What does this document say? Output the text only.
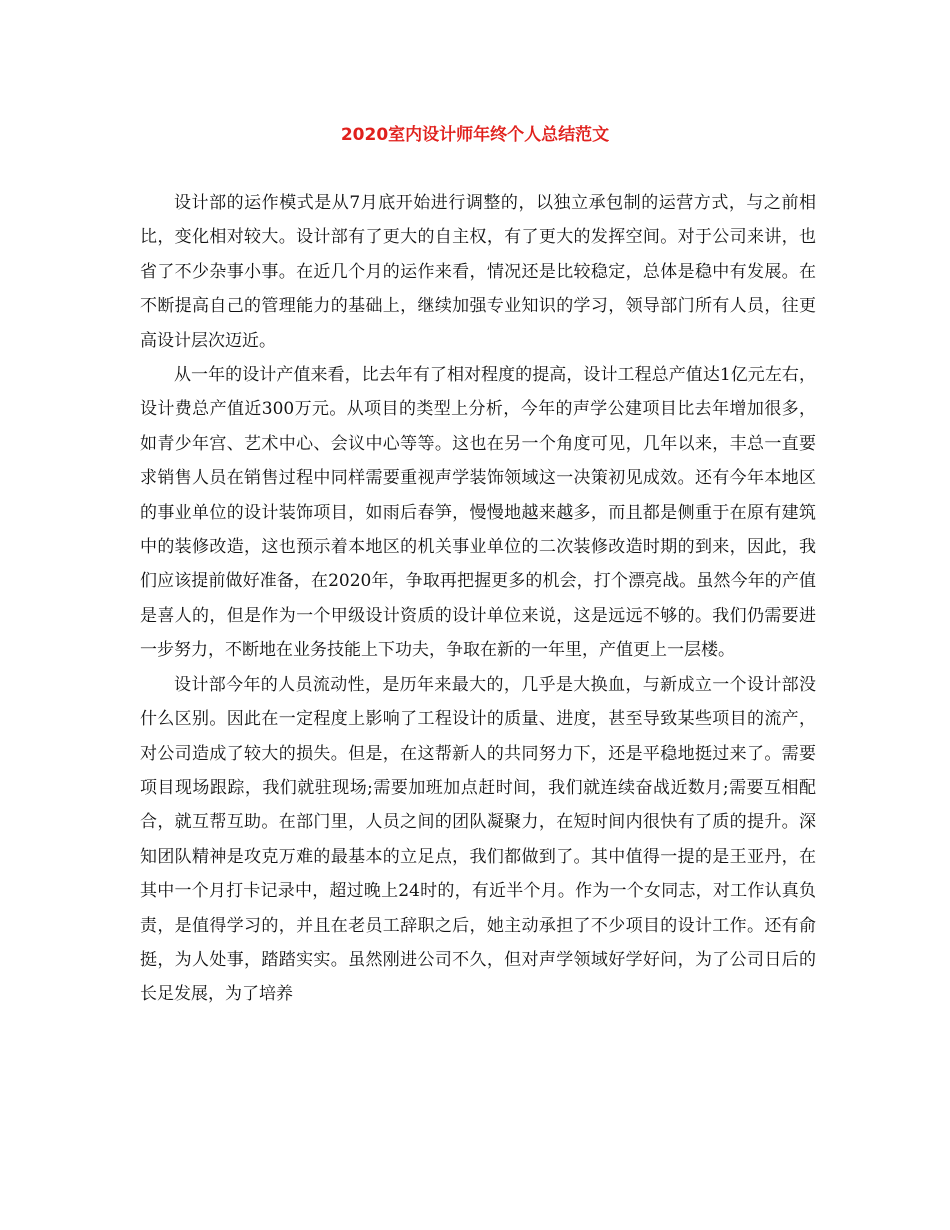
2020室内设计师年终个人总结范文

设计部的运作模式是从7月底开始进行调整的，以独立承包制的运营方式，与之前相比，变化相对较大。设计部有了更大的自主权，有了更大的发挥空间。对于公司来讲，也省了不少杂事小事。在近几个月的运作来看，情况还是比较稳定，总体是稳中有发展。在不断提高自己的管理能力的基础上，继续加强专业知识的学习，领导部门所有人员，往更高设计层次迈近。

从一年的设计产值来看，比去年有了相对程度的提高，设计工程总产值达1亿元左右，设计费总产值近300万元。从项目的类型上分析，今年的声学公建项目比去年增加很多，如青少年宫、艺术中心、会议中心等等。这也在另一个角度可见，几年以来，丰总一直要求销售人员在销售过程中同样需要重视声学装饰领域这一决策初见成效。还有今年本地区的事业单位的设计装饰项目，如雨后春笋，慢慢地越来越多，而且都是侧重于在原有建筑中的装修改造，这也预示着本地区的机关事业单位的二次装修改造时期的到来，因此，我们应该提前做好准备，在2020年，争取再把握更多的机会，打个漂亮战。虽然今年的产值是喜人的，但是作为一个甲级设计资质的设计单位来说，这是远远不够的。我们仍需要进一步努力，不断地在业务技能上下功夫，争取在新的一年里，产值更上一层楼。

设计部今年的人员流动性，是历年来最大的，几乎是大换血，与新成立一个设计部没什么区别。因此在一定程度上影响了工程设计的质量、进度，甚至导致某些项目的流产，对公司造成了较大的损失。但是，在这帮新人的共同努力下，还是平稳地挺过来了。需要项目现场跟踪，我们就驻现场;需要加班加点赶时间，我们就连续奋战近数月;需要互相配合，就互帮互助。在部门里，人员之间的团队凝聚力，在短时间内很快有了质的提升。深知团队精神是攻克万难的最基本的立足点，我们都做到了。其中值得一提的是王亚丹，在其中一个月打卡记录中，超过晚上24时的，有近半个月。作为一个女同志，对工作认真负责，是值得学习的，并且在老员工辞职之后，她主动承担了不少项目的设计工作。还有俞挺，为人处事，踏踏实实。虽然刚进公司不久，但对声学领域好学好问，为了公司日后的长足发展，为了培养
